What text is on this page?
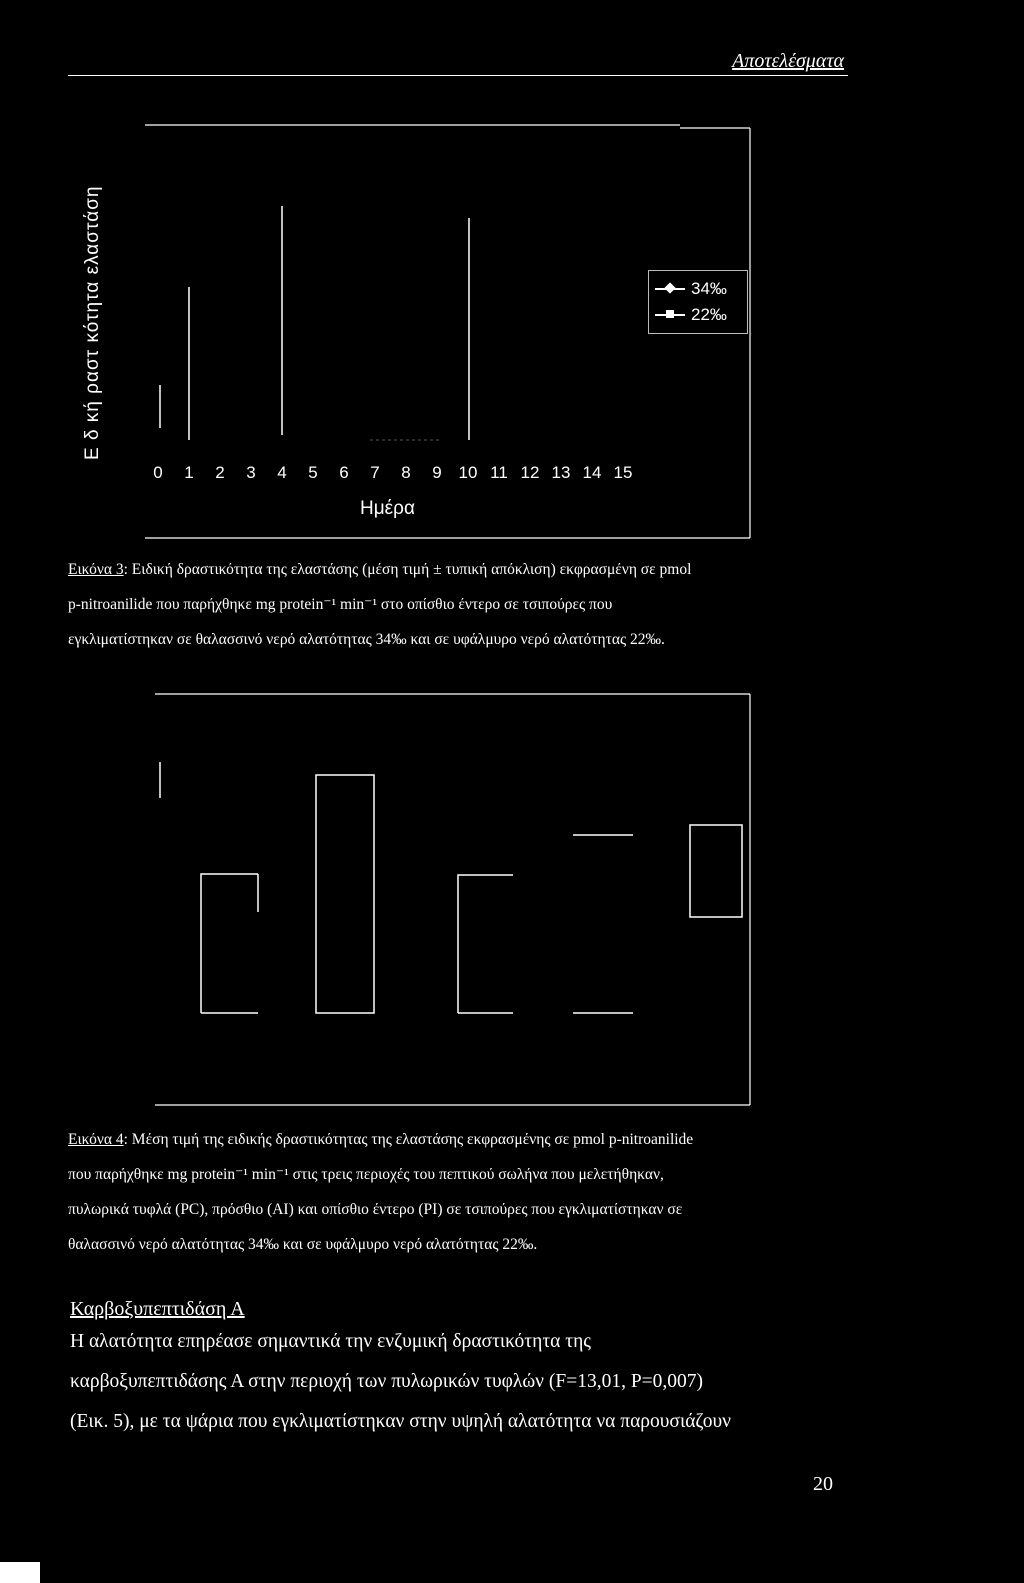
Αποτελέσματα
Ε δ κή ραστ κότητα ελαστάση
0	1	2	3	4	5	6	7	8	9 10 11 12 13 14 15
Ημέρα
34‰
22‰
Εικόνα 3: Ειδική δραστικότητα της ελαστάσης (μέση τιμή ± τυπική απόκλιση) εκφρασμένη σε pmol
p-nitroanilide που παρήχθηκε mg protein⁻¹ min⁻¹ στο οπίσθιο έντερο σε τσιπούρες που
εγκλιματίστηκαν σε θαλασσινό νερό αλατότητας 34‰ και σε υφάλμυρο νερό αλατότητας 22‰.
Εικόνα 4: Μέση τιμή της ειδικής δραστικότητας της ελαστάσης εκφρασμένης σε pmol p-nitroanilide
που παρήχθηκε mg protein⁻¹ min⁻¹ στις τρεις περιοχές του πεπτικού σωλήνα που μελετήθηκαν,
πυλωρικά τυφλά (PC), πρόσθιο (AI) και οπίσθιο έντερο (PI) σε τσιπούρες που εγκλιματίστηκαν σε
θαλασσινό νερό αλατότητας 34‰ και σε υφάλμυρο νερό αλατότητας 22‰.
Καρβοξυπεπτιδάση Α
Η αλατότητα επηρέασε σημαντικά την ενζυμική δραστικότητα της
καρβοξυπεπτιδάσης Α στην περιοχή των πυλωρικών τυφλών (F=13,01, P=0,007)
(Εικ. 5), με τα ψάρια που εγκλιματίστηκαν στην υψηλή αλατότητα να παρουσιάζουν
20
